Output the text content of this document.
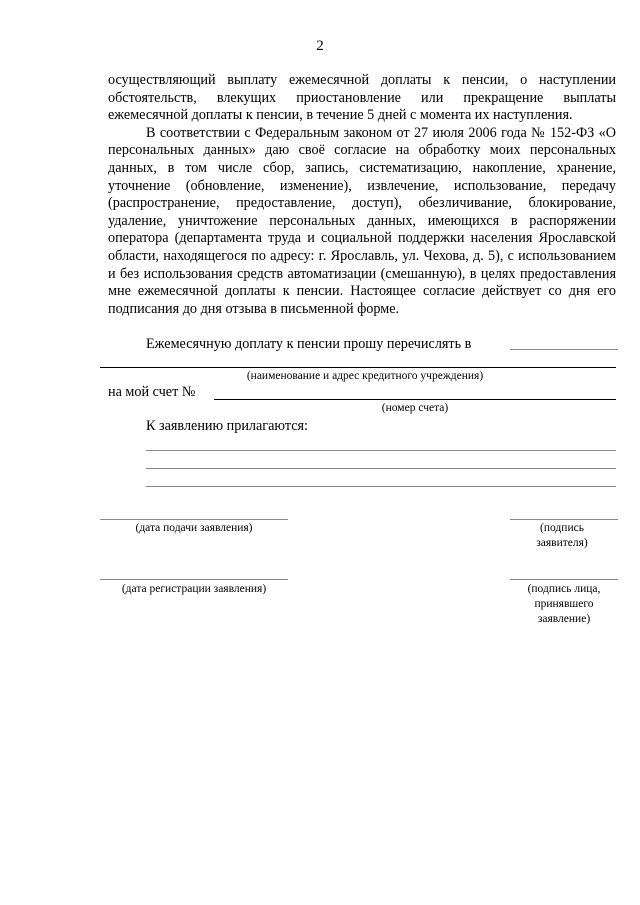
2

осуществляющий выплату ежемесячной доплаты к пенсии, о наступлении обстоятельств, влекущих приостановление или прекращение выплаты ежемесячной доплаты к пенсии, в течение 5 дней с момента их наступления.

В соответствии с Федеральным законом от 27 июля 2006 года № 152-ФЗ «О персональных данных» даю своё согласие на обработку моих персональных данных, в том числе сбор, запись, систематизацию, накопление, хранение, уточнение (обновление, изменение), извлечение, использование, передачу (распространение, предоставление, доступ), обезличивание, блокирование, удаление, уничтожение персональных данных, имеющихся в распоряжении оператора (департамента труда и социальной поддержки населения Ярославской области, находящегося по адресу: г. Ярославль, ул. Чехова, д. 5), с использованием и без использования средств автоматизации (смешанную), в целях предоставления мне ежемесячной доплаты к пенсии. Настоящее согласие действует со дня его подписания до дня отзыва в письменной форме.

Ежемесячную доплату к пенсии прошу перечислять в
(наименование и адрес кредитного учреждения)
на мой счет №
(номер счета)
К заявлению прилагаются:
(дата подачи заявления)	(подпись заявителя)
(дата регистрации заявления)	(подпись лица, принявшего заявление)
